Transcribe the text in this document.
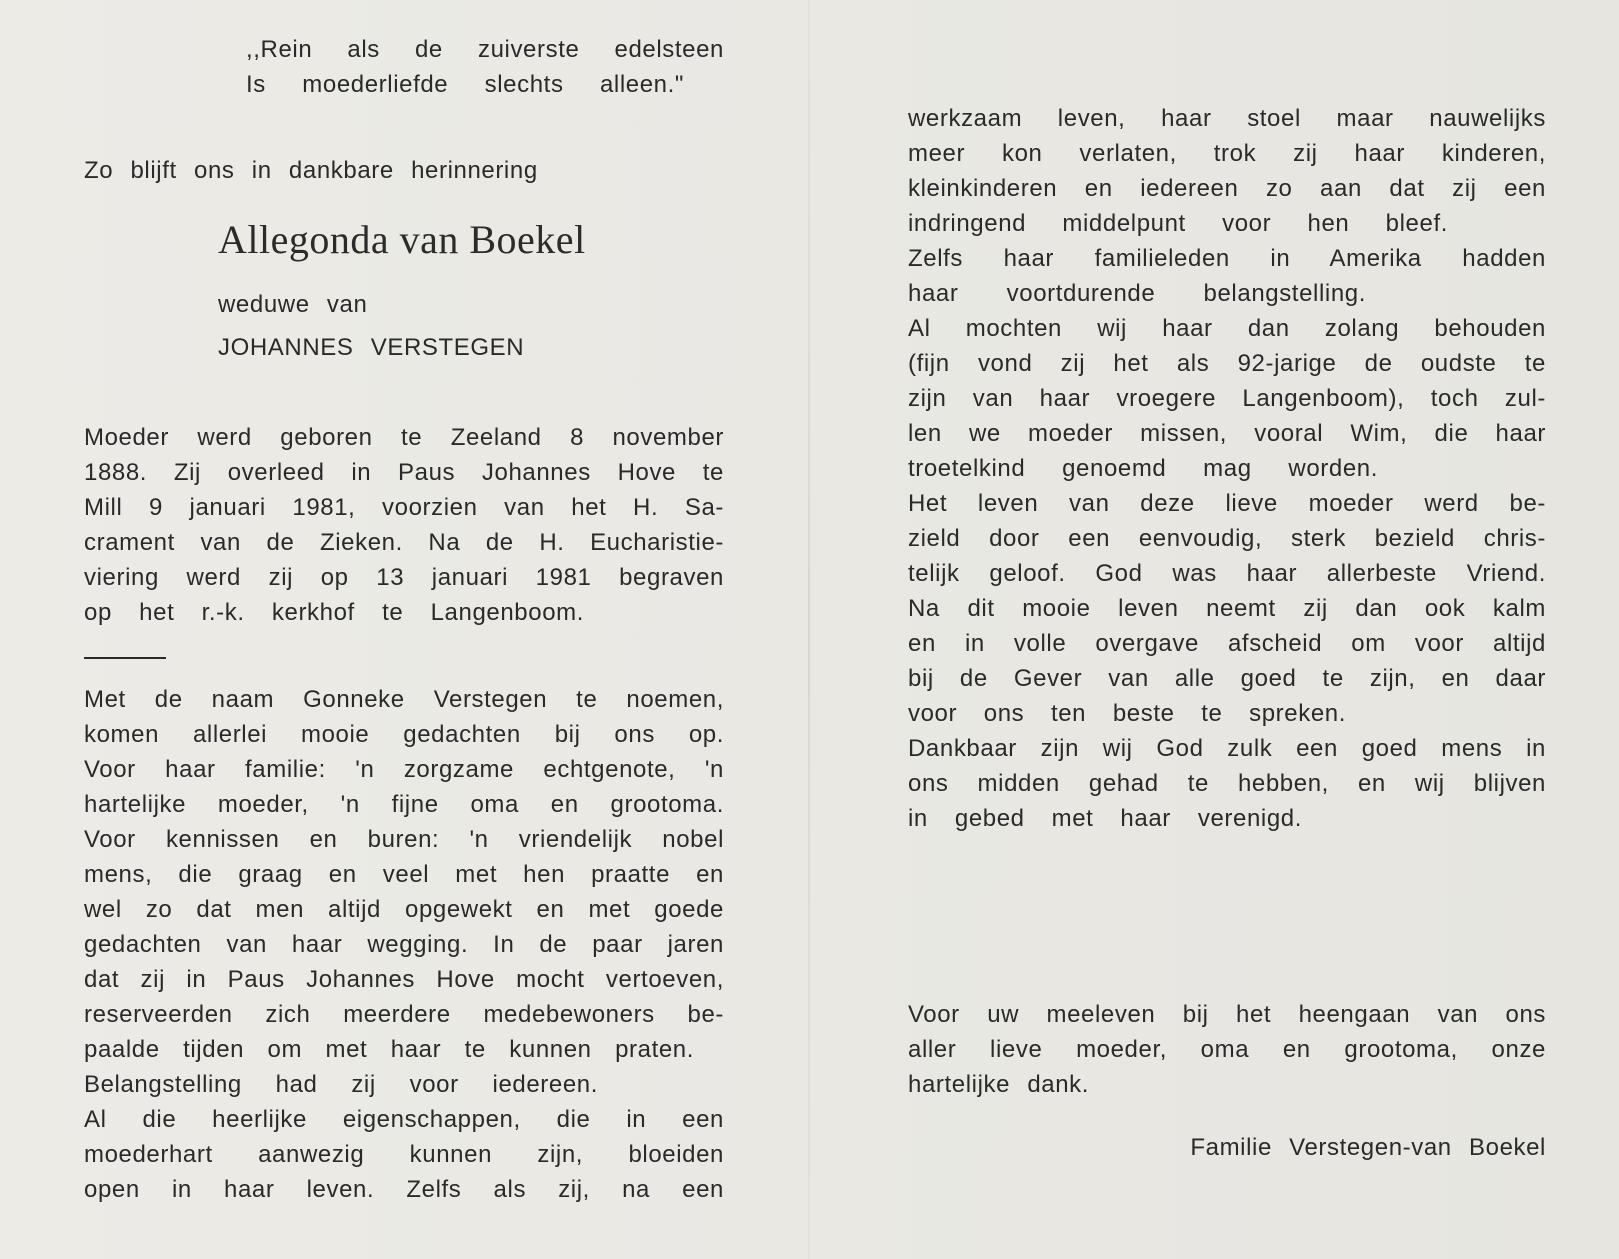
,,Rein als de zuiverste edelsteen
Is moederliefde slechts alleen."
Zo blijft ons in dankbare herinnering
Allegonda van Boekel
weduwe van
JOHANNES VERSTEGEN
Moeder werd geboren te Zeeland 8 november
1888. Zij overleed in Paus Johannes Hove te
Mill 9 januari 1981, voorzien van het H. Sa-
crament van de Zieken. Na de H. Eucharistie-
viering werd zij op 13 januari 1981 begraven
op het r.-k. kerkhof te Langenboom.
Met de naam Gonneke Verstegen te noemen,
komen allerlei mooie gedachten bij ons op.
Voor haar familie: 'n zorgzame echtgenote, 'n
hartelijke moeder, 'n fijne oma en grootoma.
Voor kennissen en buren: 'n vriendelijk nobel
mens, die graag en veel met hen praatte en
wel zo dat men altijd opgewekt en met goede
gedachten van haar wegging. In de paar jaren
dat zij in Paus Johannes Hove mocht vertoeven,
reserveerden zich meerdere medebewoners be-
paalde tijden om met haar te kunnen praten.
Belangstelling had zij voor iedereen.
Al die heerlijke eigenschappen, die in een
moederhart aanwezig kunnen zijn, bloeiden
open in haar leven. Zelfs als zij, na een
werkzaam leven, haar stoel maar nauwelijks
meer kon verlaten, trok zij haar kinderen,
kleinkinderen en iedereen zo aan dat zij een
indringend middelpunt voor hen bleef.
Zelfs haar familieleden in Amerika hadden
haar voortdurende belangstelling.
Al mochten wij haar dan zolang behouden
(fijn vond zij het als 92-jarige de oudste te
zijn van haar vroegere Langenboom), toch zul-
len we moeder missen, vooral Wim, die haar
troetelkind genoemd mag worden.
Het leven van deze lieve moeder werd be-
zield door een eenvoudig, sterk bezield chris-
telijk geloof. God was haar allerbeste Vriend.
Na dit mooie leven neemt zij dan ook kalm
en in volle overgave afscheid om voor altijd
bij de Gever van alle goed te zijn, en daar
voor ons ten beste te spreken.
Dankbaar zijn wij God zulk een goed mens in
ons midden gehad te hebben, en wij blijven
in gebed met haar verenigd.
Voor uw meeleven bij het heengaan van ons
aller lieve moeder, oma en grootoma, onze
hartelijke dank.
Familie Verstegen-van Boekel
